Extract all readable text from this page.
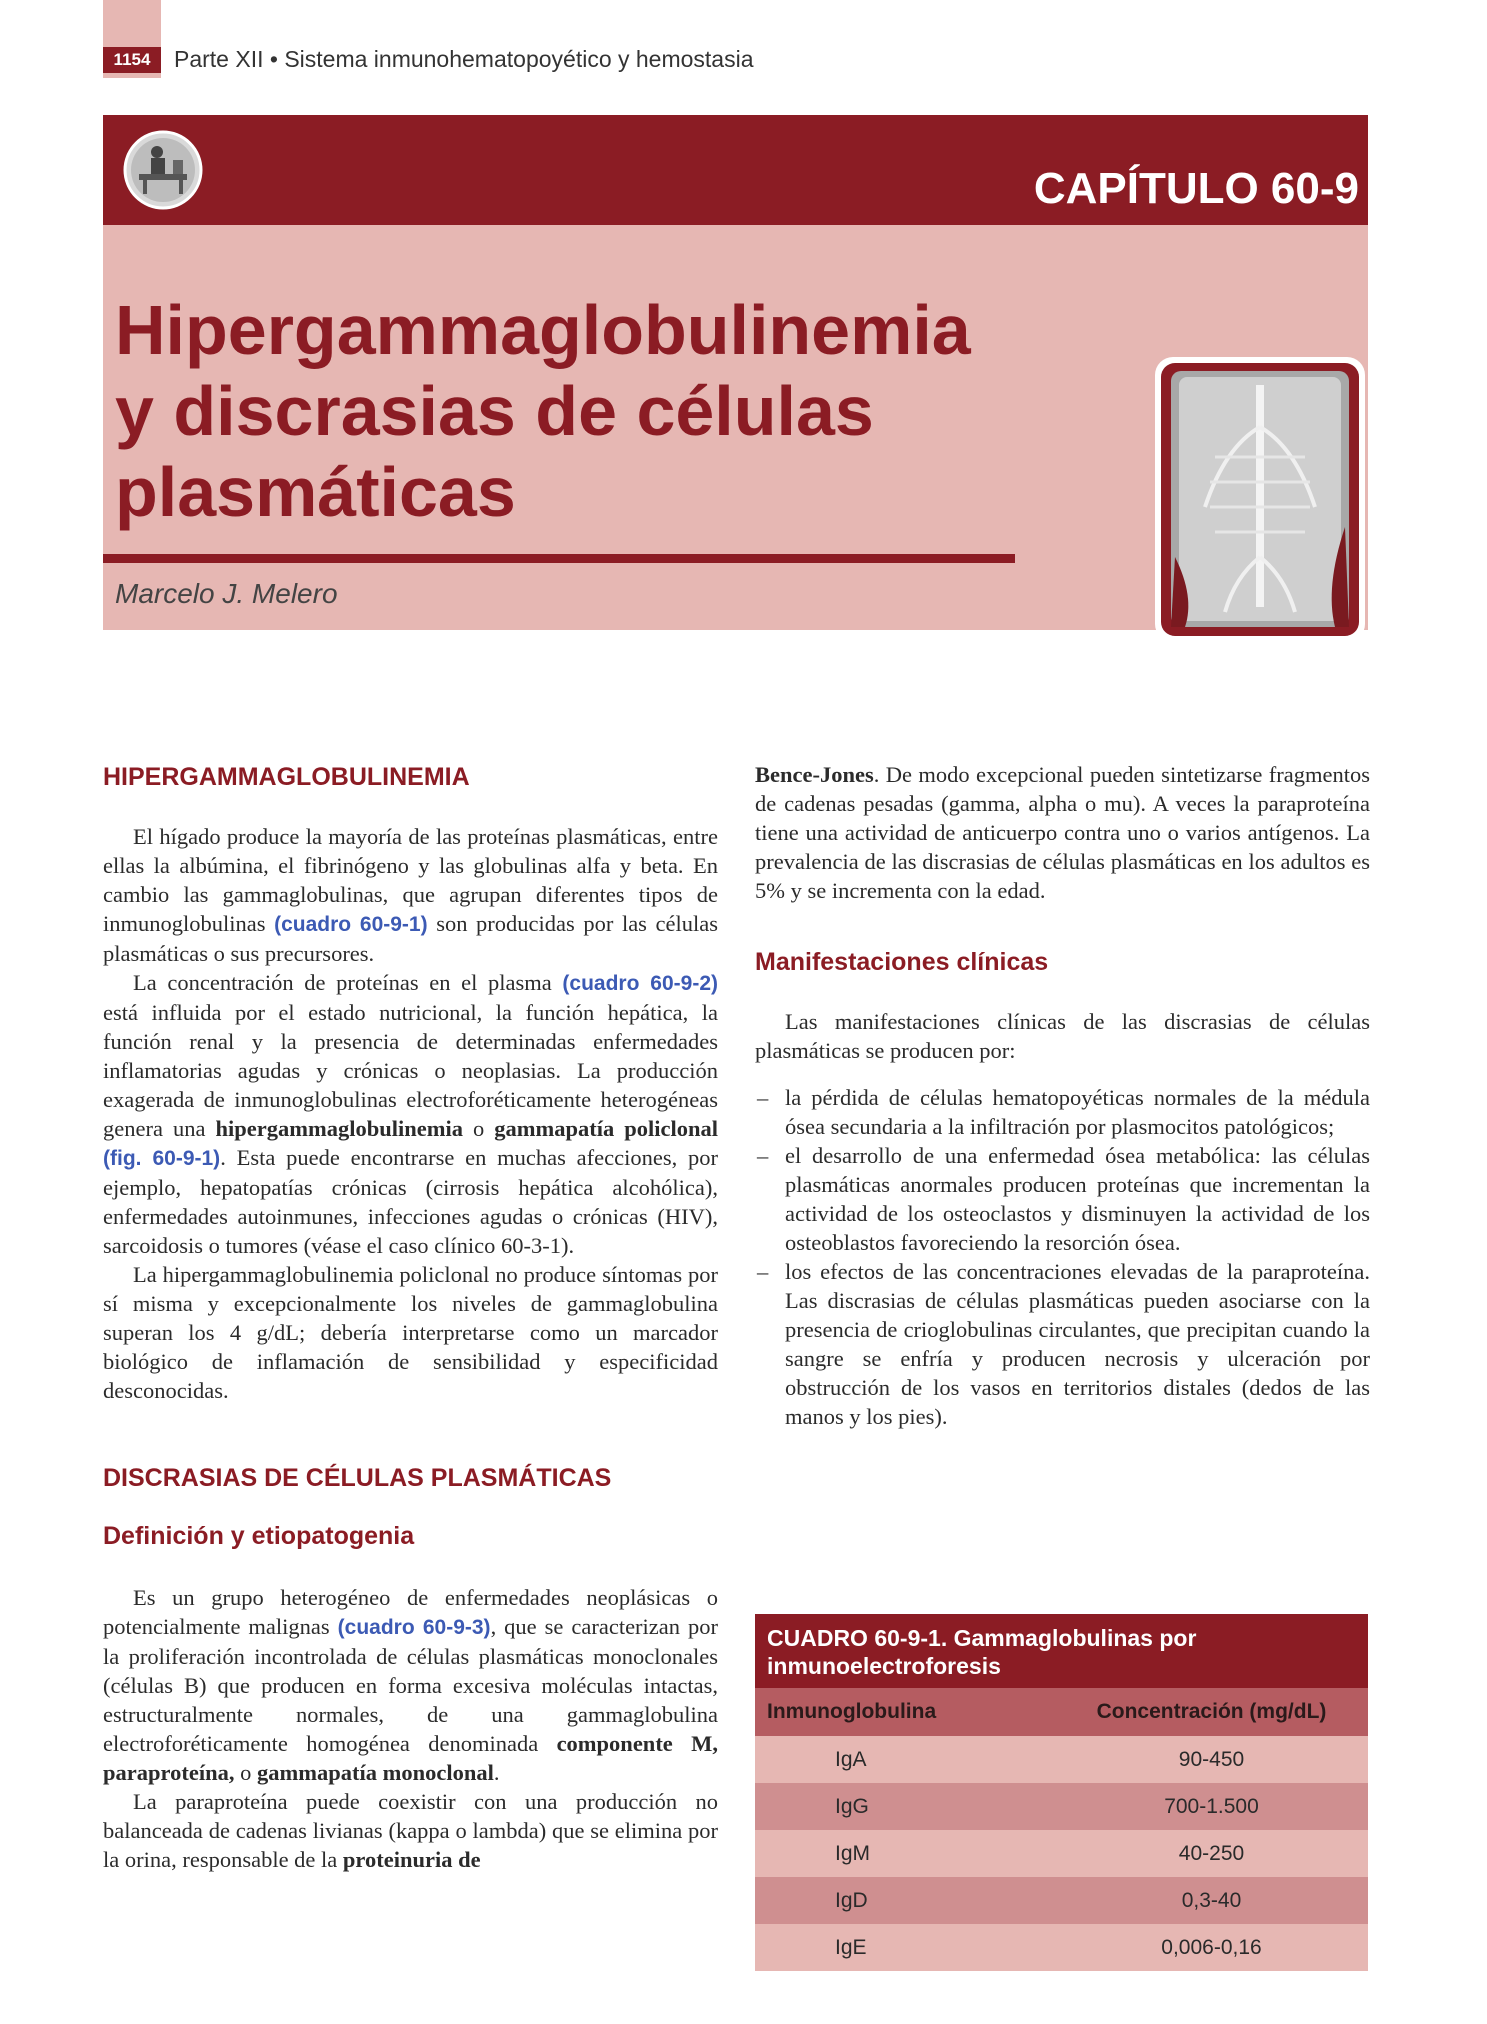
1154	Parte XII • Sistema inmunohematopoyético y hemostasia
CAPÍTULO 60-9
Hipergammaglobulinemia
y discrasias de células
plasmáticas
Marcelo J. Melero
HIPERGAMMAGLOBULINEMIA

El hígado produce la mayoría de las proteínas plasmáticas, entre ellas la albúmina, el fibrinógeno y las globulinas alfa y beta. En cambio las gammaglobulinas, que agrupan diferentes tipos de inmunoglobulinas (cuadro 60-9-1) son producidas por las células plasmáticas o sus precursores.

La concentración de proteínas en el plasma (cuadro 60-9-2) está influida por el estado nutricional, la función hepática, la función renal y la presencia de determinadas enfermedades inflamatorias agudas y crónicas o neoplasias. La producción exagerada de inmunoglobulinas electroforéticamente heterogéneas genera una hipergammaglobulinemia o gammapatía policlonal (fig. 60-9-1). Esta puede encontrarse en muchas afecciones, por ejemplo, hepatopatías crónicas (cirrosis hepática alcohólica), enfermedades autoinmunes, infecciones agudas o crónicas (HIV), sarcoidosis o tumores (véase el caso clínico 60-3-1).

La hipergammaglobulinemia policlonal no produce síntomas por sí misma y excepcionalmente los niveles de gammaglobulina superan los 4 g/dL; debería interpretarse como un marcador biológico de inflamación de sensibilidad y especificidad desconocidas.

DISCRASIAS DE CÉLULAS PLASMÁTICAS
Definición y etiopatogenia

Es un grupo heterogéneo de enfermedades neoplásicas o potencialmente malignas (cuadro 60-9-3), que se caracterizan por la proliferación incontrolada de células plasmáticas monoclonales (células B) que producen en forma excesiva moléculas intactas, estructuralmente normales, de una gammaglobulina electroforéticamente homogénea denominada componente M, paraproteína, o gammapatía monoclonal.

La paraproteína puede coexistir con una producción no balanceada de cadenas livianas (kappa o lambda) que se elimina por la orina, responsable de la proteinuria de

Bence-Jones. De modo excepcional pueden sintetizarse fragmentos de cadenas pesadas (gamma, alpha o mu). A veces la paraproteína tiene una actividad de anticuerpo contra uno o varios antígenos. La prevalencia de las discrasias de células plasmáticas en los adultos es 5% y se incrementa con la edad.

Manifestaciones clínicas

Las manifestaciones clínicas de las discrasias de células plasmáticas se producen por:

– la pérdida de células hematopoyéticas normales de la médula ósea secundaria a la infiltración por plasmocitos patológicos;
– el desarrollo de una enfermedad ósea metabólica: las células plasmáticas anormales producen proteínas que incrementan la actividad de los osteoclastos y disminuyen la actividad de los osteoblastos favoreciendo la resorción ósea.
– los efectos de las concentraciones elevadas de la paraproteína. Las discrasias de células plasmáticas pueden asociarse con la presencia de crioglobulinas circulantes, que precipitan cuando la sangre se enfría y producen necrosis y ulceración por obstrucción de los vasos en territorios distales (dedos de las manos y los pies).
CUADRO 60-9-1. Gammaglobulinas por inmunoelectroforesis
Inmunoglobulina	Concentración (mg/dL)
IgA	90-450
IgG	700-1.500
IgM	40-250
IgD	0,3-40
IgE	0,006-0,16
